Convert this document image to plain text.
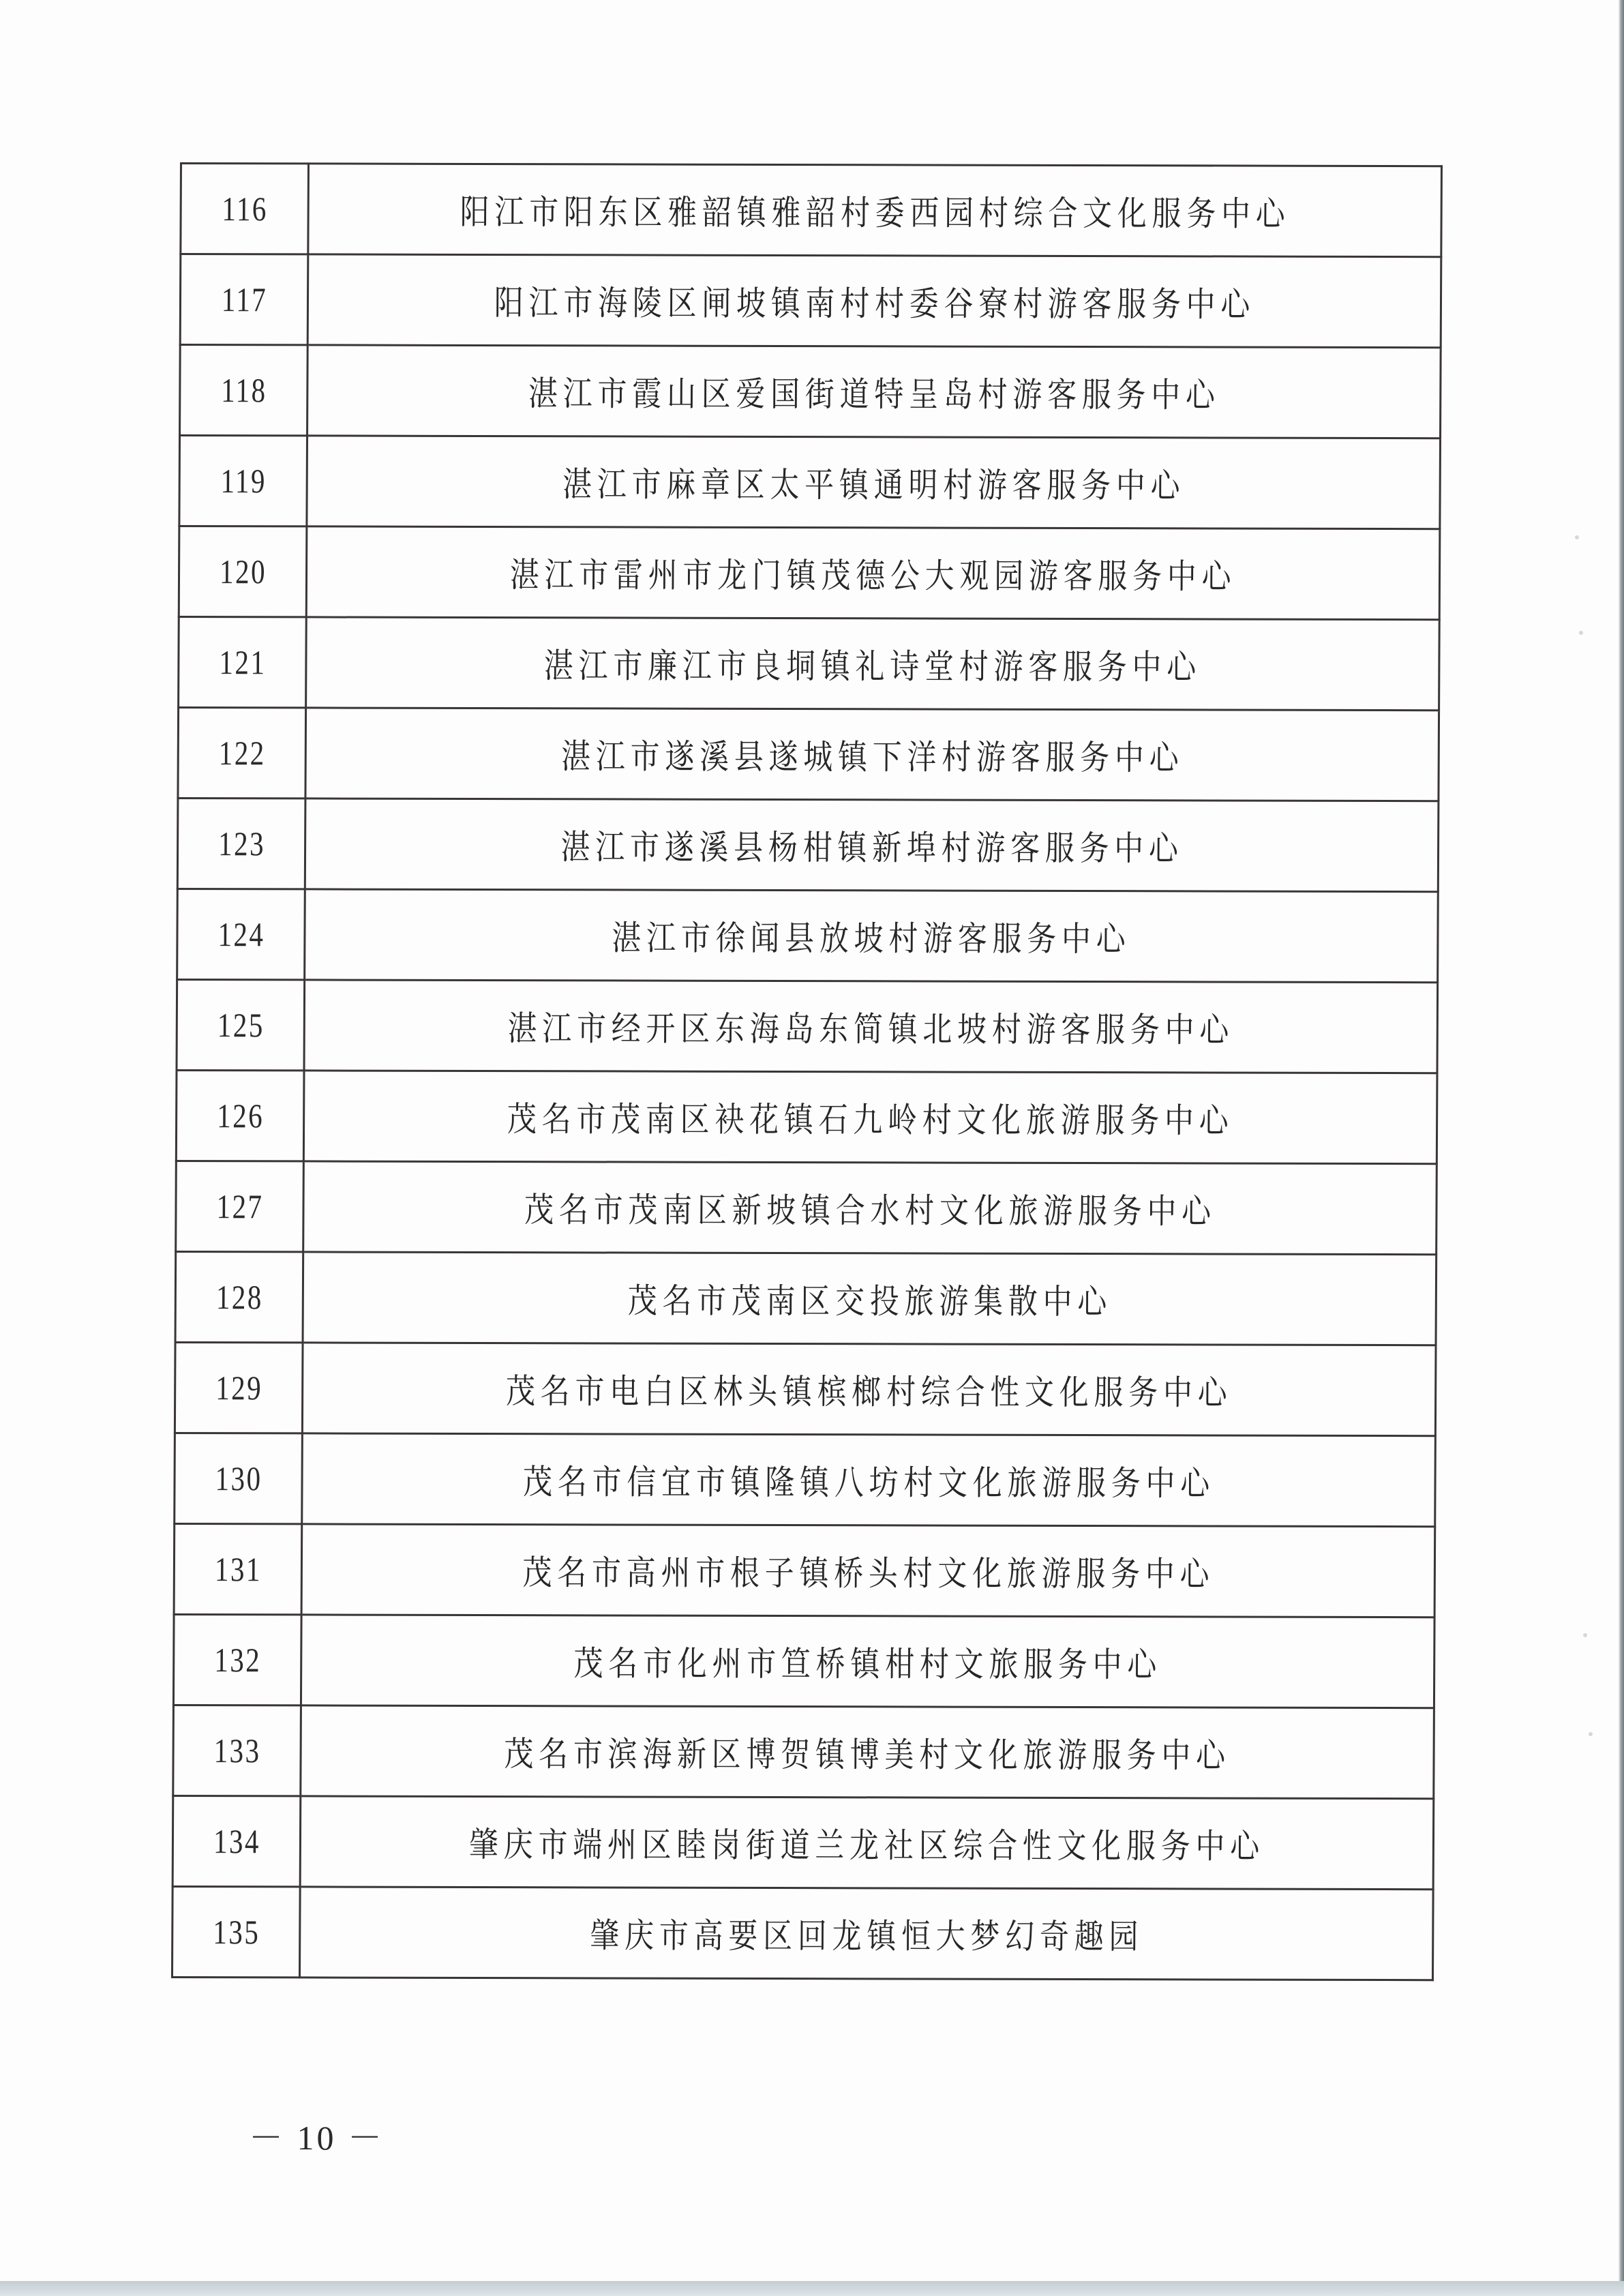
116	阳江市阳东区雅韶镇雅韶村委西园村综合文化服务中心
117	阳江市海陵区闸坡镇南村村委谷寮村游客服务中心
118	湛江市霞山区爱国街道特呈岛村游客服务中心
119	湛江市麻章区太平镇通明村游客服务中心
120	湛江市雷州市龙门镇茂德公大观园游客服务中心
121	湛江市廉江市良垌镇礼诗堂村游客服务中心
122	湛江市遂溪县遂城镇下洋村游客服务中心
123	湛江市遂溪县杨柑镇新埠村游客服务中心
124	湛江市徐闻县放坡村游客服务中心
125	湛江市经开区东海岛东简镇北坡村游客服务中心
126	茂名市茂南区袂花镇石九岭村文化旅游服务中心
127	茂名市茂南区新坡镇合水村文化旅游服务中心
128	茂名市茂南区交投旅游集散中心
129	茂名市电白区林头镇槟榔村综合性文化服务中心
130	茂名市信宜市镇隆镇八坊村文化旅游服务中心
131	茂名市高州市根子镇桥头村文化旅游服务中心
132	茂名市化州市笪桥镇柑村文旅服务中心
133	茂名市滨海新区博贺镇博美村文化旅游服务中心
134	肇庆市端州区睦岗街道兰龙社区综合性文化服务中心
135	肇庆市高要区回龙镇恒大梦幻奇趣园
－ 10 －
